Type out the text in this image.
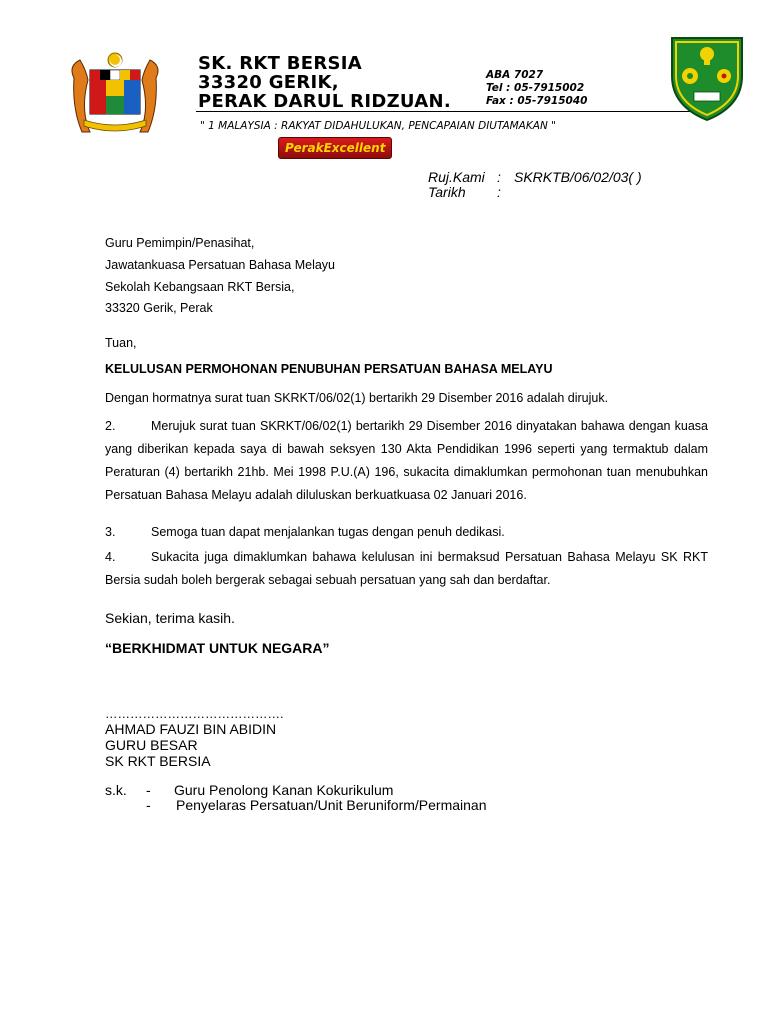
SK. RKT BERSIA
33320 GERIK,
PERAK DARUL RIDZUAN.
ABA 7027
Tel : 05-7915002
Fax : 05-7915040
" 1 MALAYSIA : RAKYAT DIDAHULUKAN, PENCAPAIAN DIUTAMAKAN "
PerakExcellent
Ruj.Kami : SKRKTB/06/02/03( )
Tarikh :
Guru Pemimpin/Penasihat,
Jawatankuasa Persatuan Bahasa Melayu
Sekolah Kebangsaan RKT Bersia,
33320 Gerik, Perak
Tuan,
KELULUSAN PERMOHONAN PENUBUHAN PERSATUAN BAHASA MELAYU
Dengan hormatnya surat tuan SKRKT/06/02(1) bertarikh 29 Disember 2016 adalah dirujuk.
2.	Merujuk surat tuan SKRKT/06/02(1) bertarikh 29 Disember 2016 dinyatakan bahawa dengan kuasa yang diberikan kepada saya di bawah seksyen 130 Akta Pendidikan 1996 seperti yang termaktub dalam Peraturan (4) bertarikh 21hb. Mei 1998 P.U.(A) 196, sukacita dimaklumkan permohonan tuan menubuhkan Persatuan Bahasa Melayu adalah diluluskan berkuatkuasa 02 Januari 2016.
3.	Semoga tuan dapat menjalankan tugas dengan penuh dedikasi.
4.	Sukacita juga dimaklumkan bahawa kelulusan ini bermaksud Persatuan Bahasa Melayu SK RKT Bersia sudah boleh bergerak sebagai sebuah persatuan yang sah dan berdaftar.
Sekian, terima kasih.
“BERKHIDMAT UNTUK NEGARA”
…………………………………….
AHMAD FAUZI BIN ABIDIN
GURU BESAR
SK RKT BERSIA
s.k. - Guru Penolong Kanan Kokurikulum
- Penyelaras Persatuan/Unit Beruniform/Permainan
